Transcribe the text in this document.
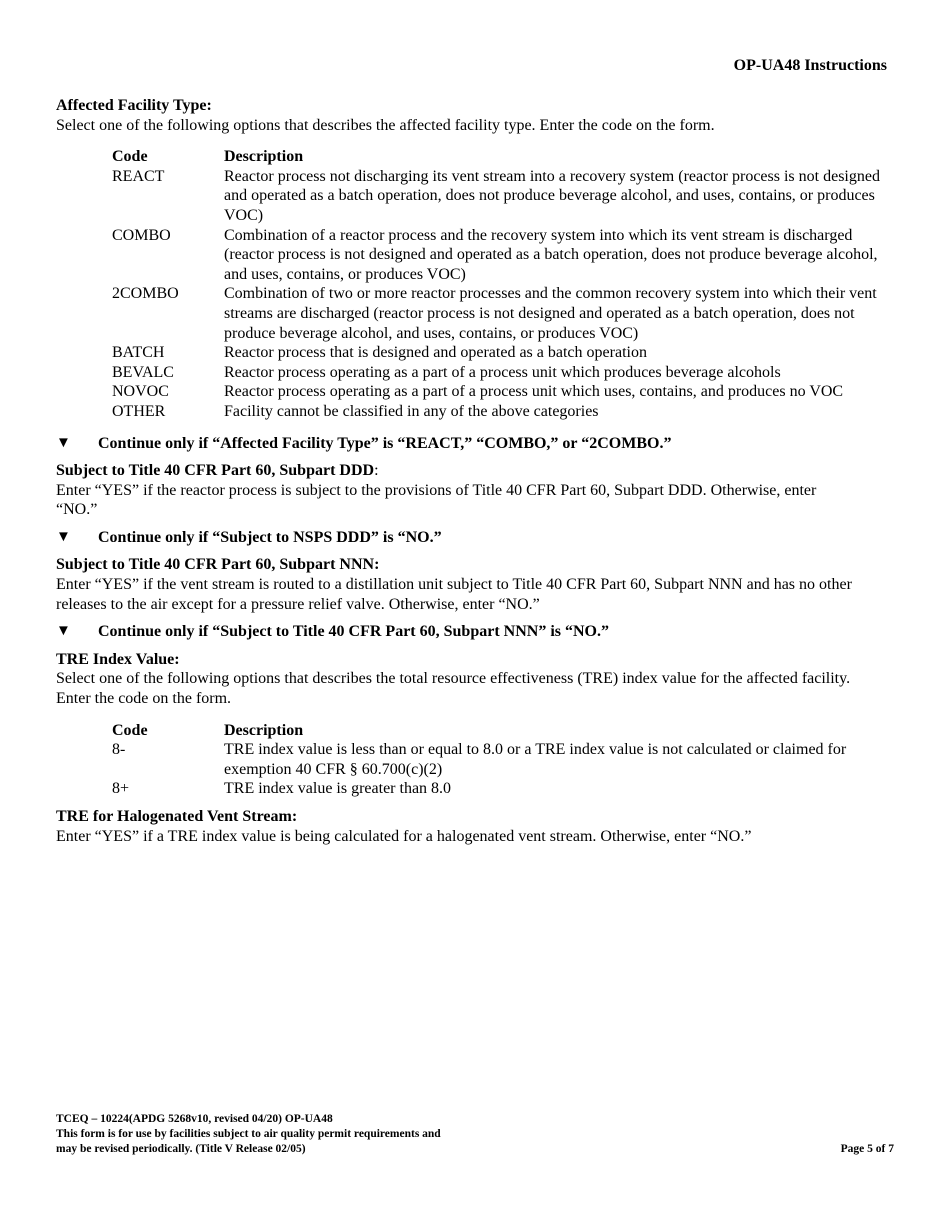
OP-UA48 Instructions
Affected Facility Type:
Select one of the following options that describes the affected facility type. Enter the code on the form.
Code	Description
REACT	Reactor process not discharging its vent stream into a recovery system (reactor process is not designed and operated as a batch operation, does not produce beverage alcohol, and uses, contains, or produces VOC)
COMBO	Combination of a reactor process and the recovery system into which its vent stream is discharged (reactor process is not designed and operated as a batch operation, does not produce beverage alcohol, and uses, contains, or produces VOC)
2COMBO	Combination of two or more reactor processes and the common recovery system into which their vent streams are discharged (reactor process is not designed and operated as a batch operation, does not produce beverage alcohol, and uses, contains, or produces VOC)
BATCH	Reactor process that is designed and operated as a batch operation
BEVALC	Reactor process operating as a part of a process unit which produces beverage alcohols
NOVOC	Reactor process operating as a part of a process unit which uses, contains, and produces no VOC
OTHER	Facility cannot be classified in any of the above categories
▼	Continue only if “Affected Facility Type” is “REACT,” “COMBO,” or “2COMBO.”
Subject to Title 40 CFR Part 60, Subpart DDD:
Enter “YES” if the reactor process is subject to the provisions of Title 40 CFR Part 60, Subpart DDD. Otherwise, enter “NO.”
▼	Continue only if “Subject to NSPS DDD” is “NO.”
Subject to Title 40 CFR Part 60, Subpart NNN:
Enter “YES” if the vent stream is routed to a distillation unit subject to Title 40 CFR Part 60, Subpart NNN and has no other releases to the air except for a pressure relief valve. Otherwise, enter “NO.”
▼	Continue only if “Subject to Title 40 CFR Part 60, Subpart NNN” is “NO.”
TRE Index Value:
Select one of the following options that describes the total resource effectiveness (TRE) index value for the affected facility. Enter the code on the form.
Code	Description
8-	TRE index value is less than or equal to 8.0 or a TRE index value is not calculated or claimed for exemption 40 CFR § 60.700(c)(2)
8+	TRE index value is greater than 8.0
TRE for Halogenated Vent Stream:
Enter “YES” if a TRE index value is being calculated for a halogenated vent stream. Otherwise, enter “NO.”
TCEQ – 10224(APDG 5268v10, revised 04/20) OP-UA48
This form is for use by facilities subject to air quality permit requirements and
may be revised periodically. (Title V Release 02/05)	Page 5 of 7
